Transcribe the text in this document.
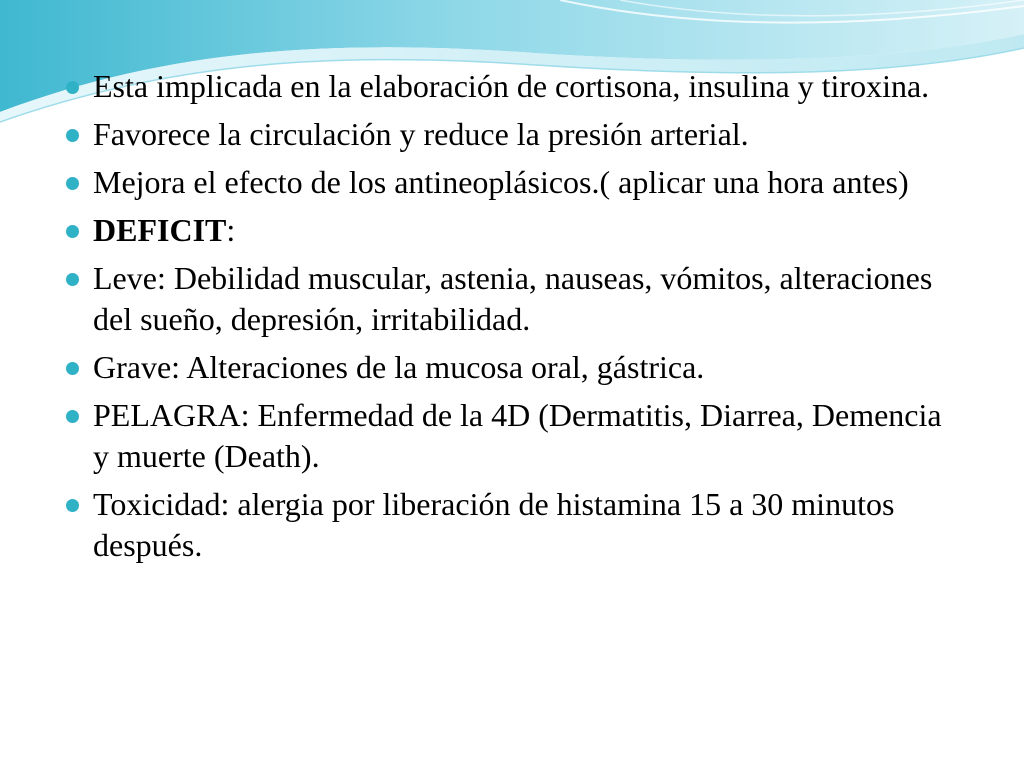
Esta implicada en la elaboración de cortisona, insulina y tiroxina.
Favorece la circulación y reduce la presión arterial.
Mejora el efecto de los antineoplásicos.( aplicar una hora antes)
DEFICIT:
Leve: Debilidad muscular, astenia, nauseas, vómitos, alteraciones del sueño, depresión, irritabilidad.
Grave: Alteraciones de la mucosa oral, gástrica.
PELAGRA: Enfermedad de la 4D (Dermatitis, Diarrea, Demencia y muerte (Death).
Toxicidad: alergia por liberación de histamina 15 a 30 minutos después.
